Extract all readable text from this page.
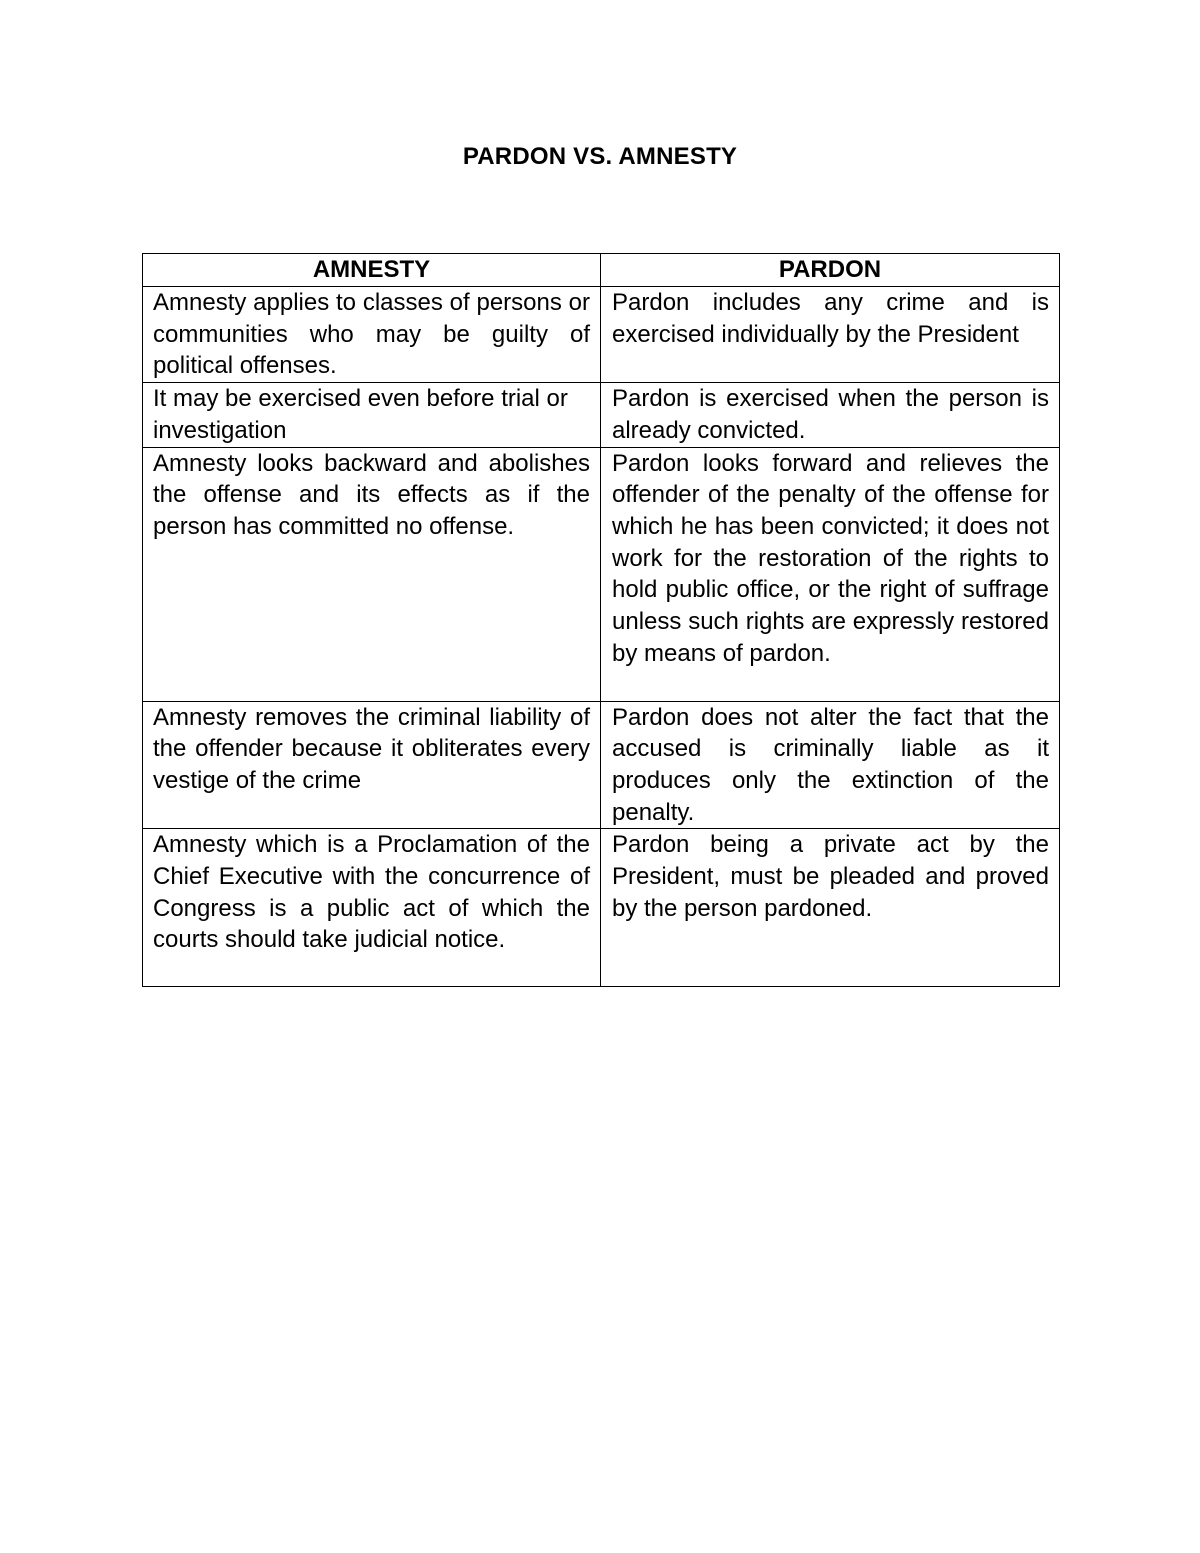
PARDON VS. AMNESTY
AMNESTY	PARDON
Amnesty applies to classes of persons or communities who may be guilty of political offenses.	Pardon includes any crime and is exercised individually by the President
It may be exercised even before trial or investigation	Pardon is exercised when the person is already convicted.
Amnesty looks backward and abolishes the offense and its effects as if the person has committed no offense.	Pardon looks forward and relieves the offender of the penalty of the offense for which he has been convicted; it does not work for the restoration of the rights to hold public office, or the right of suffrage unless such rights are expressly restored by means of pardon.
Amnesty removes the criminal liability of the offender because it obliterates every vestige of the crime	Pardon does not alter the fact that the accused is criminally liable as it produces only the extinction of the penalty.
Amnesty which is a Proclamation of the Chief Executive with the concurrence of Congress is a public act of which the courts should take judicial notice.	Pardon being a private act by the President, must be pleaded and proved by the person pardoned.
